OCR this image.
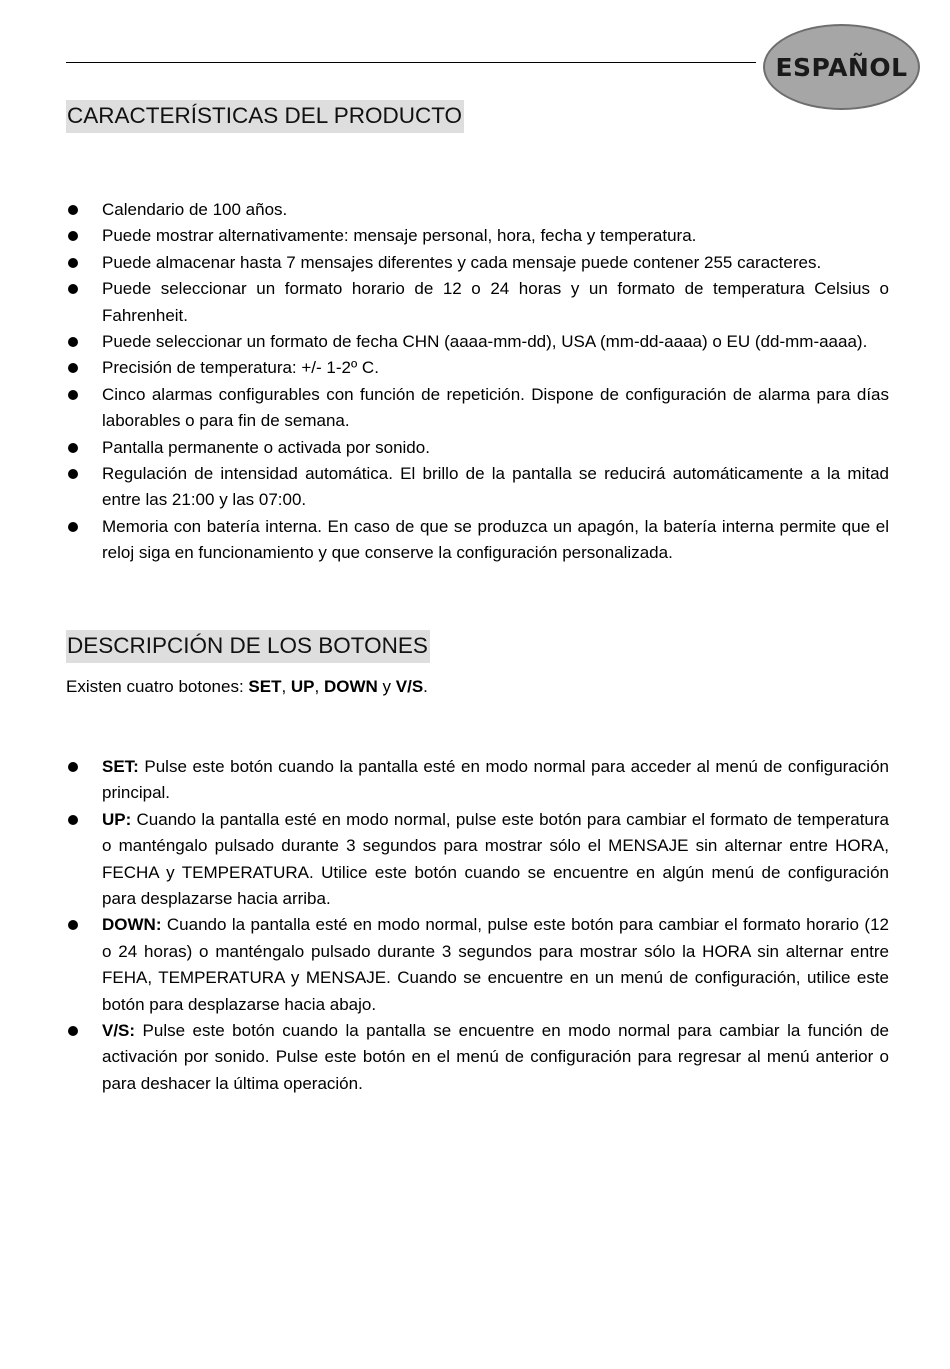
ESPAÑOL
CARACTERÍSTICAS DEL PRODUCTO
Calendario de 100 años.
Puede mostrar alternativamente: mensaje personal, hora, fecha y temperatura.
Puede almacenar hasta 7 mensajes diferentes y cada mensaje puede contener 255 caracteres.
Puede seleccionar un formato horario de 12 o 24 horas y un formato de temperatura Celsius o Fahrenheit.
Puede seleccionar un formato de fecha CHN (aaaa-mm-dd), USA (mm-dd-aaaa) o EU (dd-mm-aaaa).
Precisión de temperatura: +/- 1-2º C.
Cinco alarmas configurables con función de repetición. Dispone de configuración de alarma para días laborables o para fin de semana.
Pantalla permanente o activada por sonido.
Regulación de intensidad automática. El brillo de la pantalla se reducirá automáticamente a la mitad entre las 21:00 y las 07:00.
Memoria con batería interna. En caso de que se produzca un apagón, la batería interna permite que el reloj siga en funcionamiento y que conserve la configuración personalizada.
DESCRIPCIÓN DE LOS BOTONES

Existen cuatro botones: SET, UP, DOWN y V/S.

SET: Pulse este botón cuando la pantalla esté en modo normal para acceder al menú de configuración principal.
UP: Cuando la pantalla esté en modo normal, pulse este botón para cambiar el formato de temperatura o manténgalo pulsado durante 3 segundos para mostrar sólo el MENSAJE sin alternar entre HORA, FECHA y TEMPERATURA. Utilice este botón cuando se encuentre en algún menú de configuración para desplazarse hacia arriba.
DOWN: Cuando la pantalla esté en modo normal, pulse este botón para cambiar el formato horario (12 o 24 horas) o manténgalo pulsado durante 3 segundos para mostrar sólo la HORA sin alternar entre FEHA, TEMPERATURA y MENSAJE. Cuando se encuentre en un menú de configuración, utilice este botón para desplazarse hacia abajo.
V/S: Pulse este botón cuando la pantalla se encuentre en modo normal para cambiar la función de activación por sonido. Pulse este botón en el menú de configuración para regresar al menú anterior o para deshacer la última operación.
